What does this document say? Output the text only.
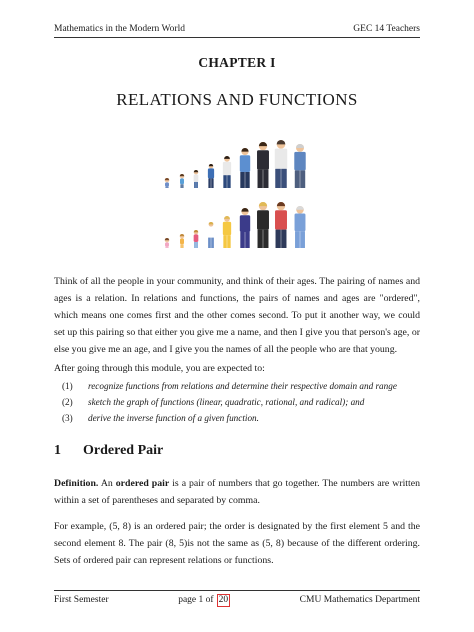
Mathematics in the Modern World	GEC 14 Teachers
CHAPTER I
RELATIONS AND FUNCTIONS

Think of all the people in your community, and think of their ages. The pairing of names and ages is a relation. In relations and functions, the pairs of names and ages are "ordered", which means one comes first and the other comes second. To put it another way, we could set up this pairing so that either you give me a name, and then I give you that person's age, or else you give me an age, and I give you the names of all the people who are that young.

After going through this module, you are expected to:

(1)	recognize functions from relations and determine their respective domain and range
(2)	sketch the graph of functions (linear, quadratic, rational, and radical); and
(3)	derive the inverse function of a given function.
1 Ordered Pair

Definition. An ordered pair is a pair of numbers that go together. The numbers are written within a set of parentheses and separated by comma.

For example, (5, 8) is an ordered pair; the order is designated by the first element 5 and the second element 8. The pair (8, 5)is not the same as (5, 8) because of the different ordering. Sets of ordered pair can represent relations or functions.

First Semester	page 1 of 20	CMU Mathematics Department
